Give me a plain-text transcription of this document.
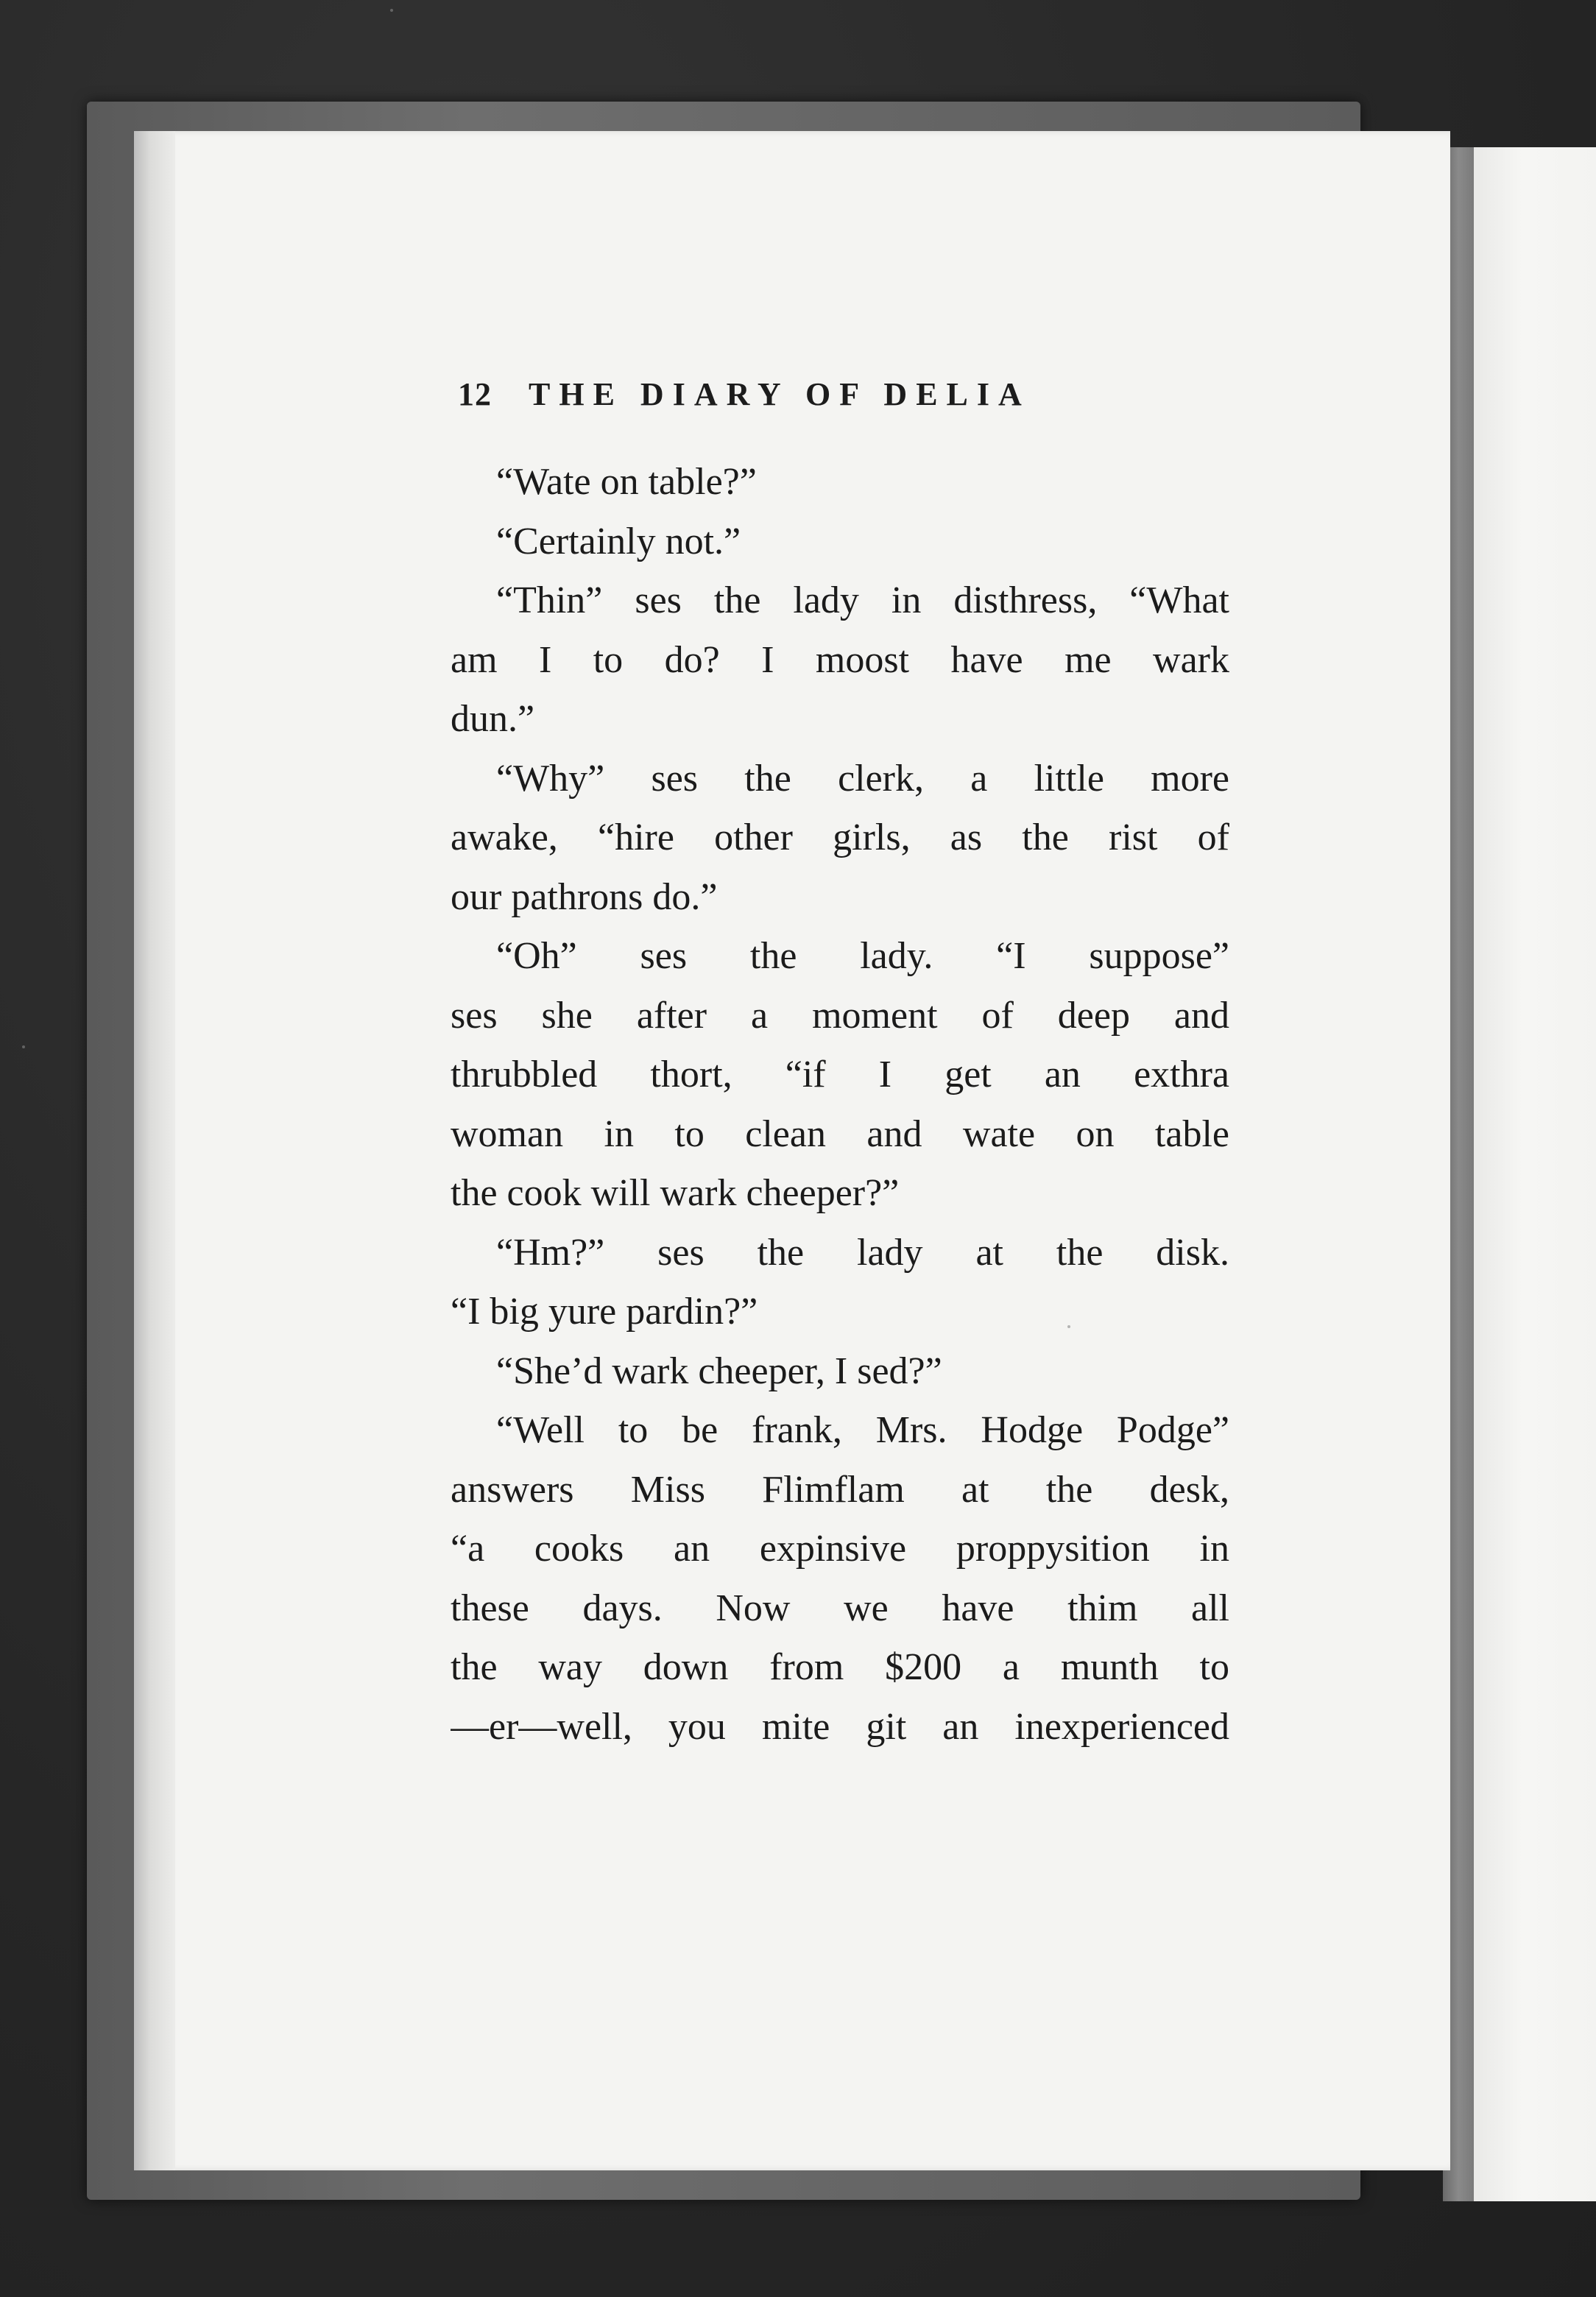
12 THE DIARY OF DELIA
“Wate on table?”
“Certainly not.”
“Thin” ses the lady in disthress, “What
am I to do? I moost have me wark
dun.”
“Why” ses the clerk, a little more
awake, “hire other girls, as the rist of
our pathrons do.”
“Oh” ses the lady. “I suppose”
ses she after a moment of deep and
thrubbled thort, “if I get an exthra
woman in to clean and wate on table
the cook will wark cheeper?”
“Hm?” ses the lady at the disk.
“I big yure pardin?”
“She’d wark cheeper, I sed?”
“Well to be frank, Mrs. Hodge Podge”
answers Miss Flimflam at the desk,
“a cooks an expinsive proppysition in
these days. Now we have thim all
the way down from $200 a munth to
—er—well, you mite git an inexperienced
